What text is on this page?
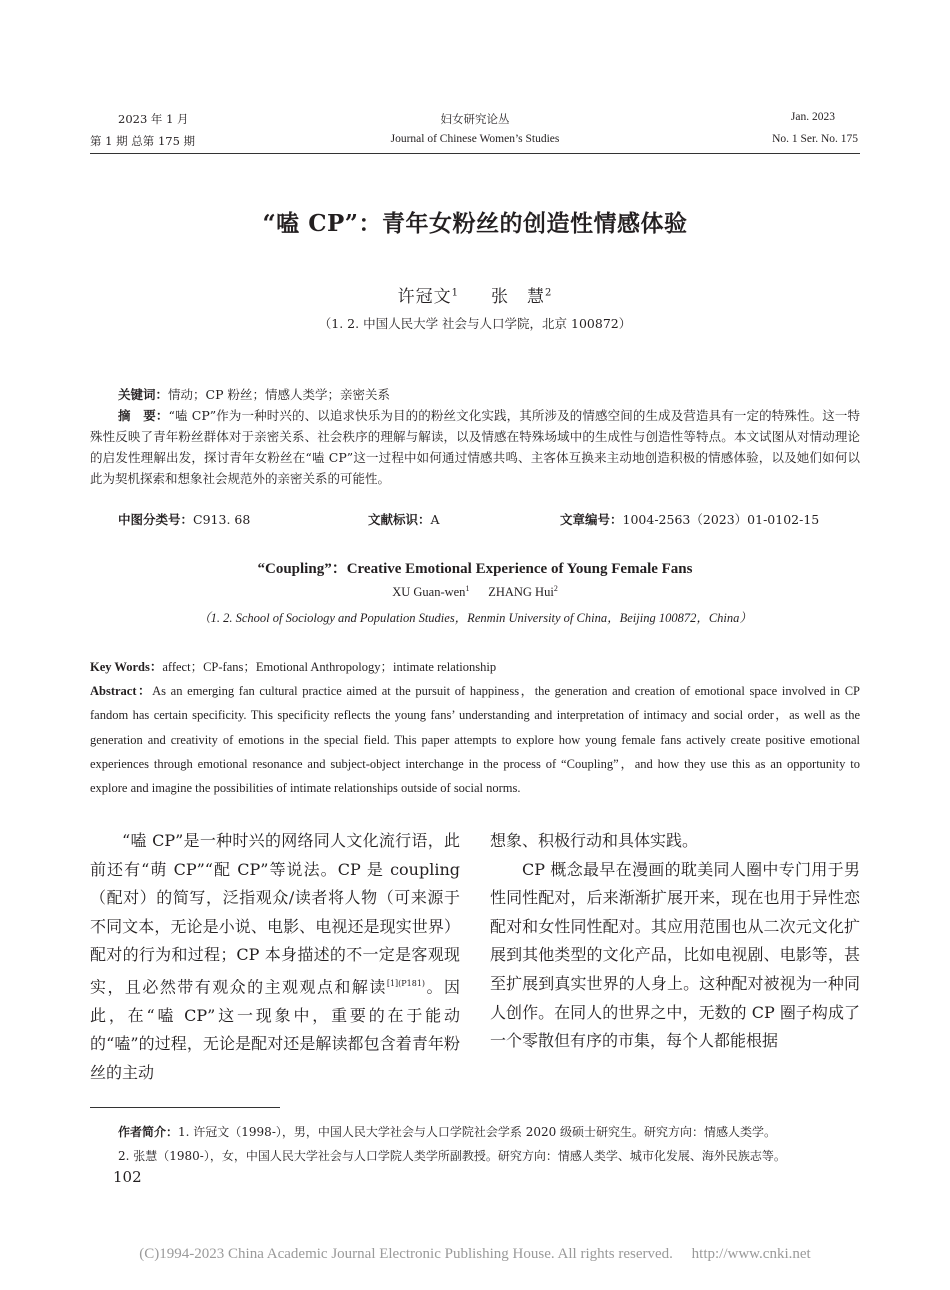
2023 年 1 月	妇女研究论丛	Jan. 2023
第 1 期 总第 175 期	Journal of Chinese Women’s Studies	No. 1 Ser. No. 175
“嗑 CP”：青年女粉丝的创造性情感体验
许冠文$^1$ 张　慧$^2$
（1. 2. 中国人民大学 社会与人口学院，北京 100872）
关键词：情动；CP 粉丝；情感人类学；亲密关系
摘　要：“嗑 CP”作为一种时兴的、以追求快乐为目的的粉丝文化实践，其所涉及的情感空间的生成及营造具有一定的特殊性。这一特殊性反映了青年粉丝群体对于亲密关系、社会秩序的理解与解读，以及情感在特殊场域中的生成性与创造性等特点。本文试图从对情动理论的启发性理解出发，探讨青年女粉丝在“嗑 CP”这一过程中如何通过情感共鸣、主客体互换来主动地创造积极的情感体验，以及她们如何以此为契机探索和想象社会规范外的亲密关系的可能性。
中图分类号：C913. 68	文献标识：A	文章编号：1004-2563（2023）01-0102-15
“Coupling”：Creative Emotional Experience of Young Female Fans
XU Guan-wen$^1$ ZHANG Hui$^2$
（1. 2. School of Sociology and Population Studies，Renmin University of China，Beijing 100872，China）
Key Words：affect；CP-fans；Emotional Anthropology；intimate relationship
Abstract：As an emerging fan cultural practice aimed at the pursuit of happiness，the generation and creation of emotional space involved in CP fandom has certain specificity. This specificity reflects the young fans’ understanding and interpretation of intimacy and social order，as well as the generation and creativity of emotions in the special field. This paper attempts to explore how young female fans actively create positive emotional experiences through emotional resonance and subject-object interchange in the process of “Coupling”，and how they use this as an opportunity to explore and imagine the possibilities of intimate relationships outside of social norms.

“嗑 CP”是一种时兴的网络同人文化流行语，此前还有“萌 CP”“配 CP”等说法。CP 是 coupling（配对）的简写，泛指观众/读者将人物（可来源于不同文本，无论是小说、电影、电视还是现实世界）配对的行为和过程；CP 本身描述的不一定是客观现实，且必然带有观众的主观观点和解读$^{[1](P181)}$。因此，在“嗑 CP”这一现象中，重要的在于能动的“嗑”的过程，无论是配对还是解读都包含着青年粉丝的主动

想象、积极行动和具体实践。

CP 概念最早在漫画的耽美同人圈中专门用于男性同性配对，后来渐渐扩展开来，现在也用于异性恋配对和女性同性配对。其应用范围也从二次元文化扩展到其他类型的文化产品，比如电视剧、电影等，甚至扩展到真实世界的人身上。这种配对被视为一种同人创作。在同人的世界之中，无数的 CP 圈子构成了一个零散但有序的市集，每个人都能根据

作者简介：1. 许冠文（1998-），男，中国人民大学社会与人口学院社会学系 2020 级硕士研究生。研究方向：情感人类学。
2. 张慧（1980-），女，中国人民大学社会与人口学院人类学所副教授。研究方向：情感人类学、城市化发展、海外民族志等。
102
(C)1994-2023 China Academic Journal Electronic Publishing House. All rights reserved.　 http://www.cnki.net
